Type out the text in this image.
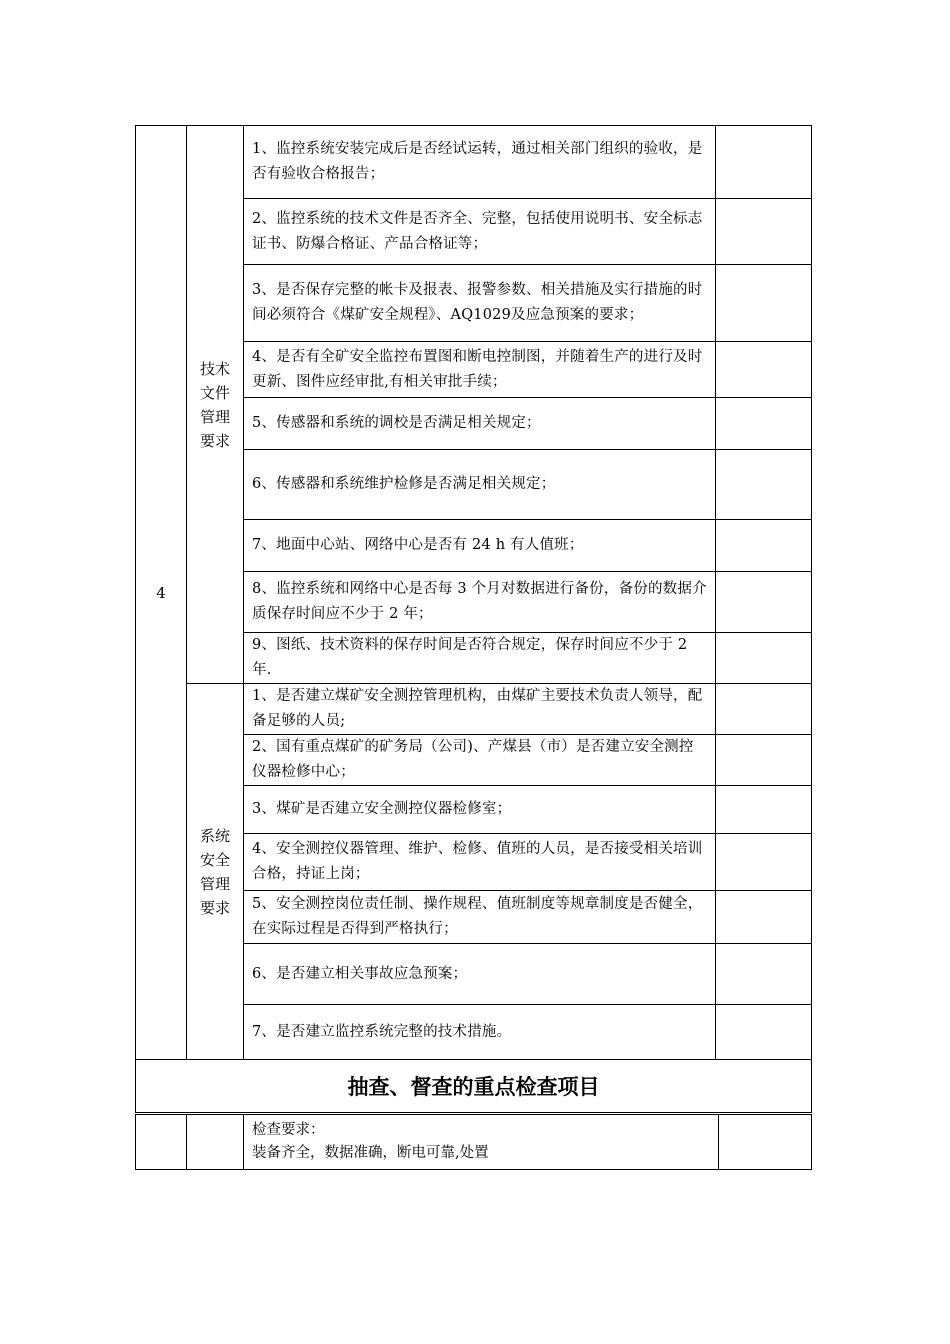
4	技术文件管理要求	1、监控系统安装完成后是否经试运转，通过相关部门组织的验收，是否有验收合格报告；	
		2、监控系统的技术文件是否齐全、完整，包括使用说明书、安全标志证书、防爆合格证、产品合格证等；	
		3、是否保存完整的帐卡及报表、报警参数、相关措施及实行措施的时间必须符合《煤矿安全规程》、AQ1029及应急预案的要求；	
		4、是否有全矿安全监控布置图和断电控制图，并随着生产的进行及时更新、图件应经审批,有相关审批手续；	
		5、传感器和系统的调校是否满足相关规定；	
		6、传感器和系统维护检修是否满足相关规定；	
		7、地面中心站、网络中心是否有 24 h 有人值班；	
		8、监控系统和网络中心是否每 3 个月对数据进行备份，备份的数据介质保存时间应不少于 2 年；	
		9、图纸、技术资料的保存时间是否符合规定，保存时间应不少于 2 年.	

	系统安全管理要求	1、是否建立煤矿安全测控管理机构，由煤矿主要技术负责人领导，配备足够的人员;	
		2、国有重点煤矿的矿务局（公司)、产煤县（市）是否建立安全测控仪器检修中心；	
		3、煤矿是否建立安全测控仪器检修室；	
		4、安全测控仪器管理、维护、检修、值班的人员，是否接受相关培训合格，持证上岗；	
		5、安全测控岗位责任制、操作规程、值班制度等规章制度是否健全，在实际过程是否得到严格执行；	
		6、是否建立相关事故应急预案；	
		7、是否建立监控系统完整的技术措施。	
抽查、督查的重点检查项目			

检查要求：
装备齐全，数据准确，断电可靠,处置
